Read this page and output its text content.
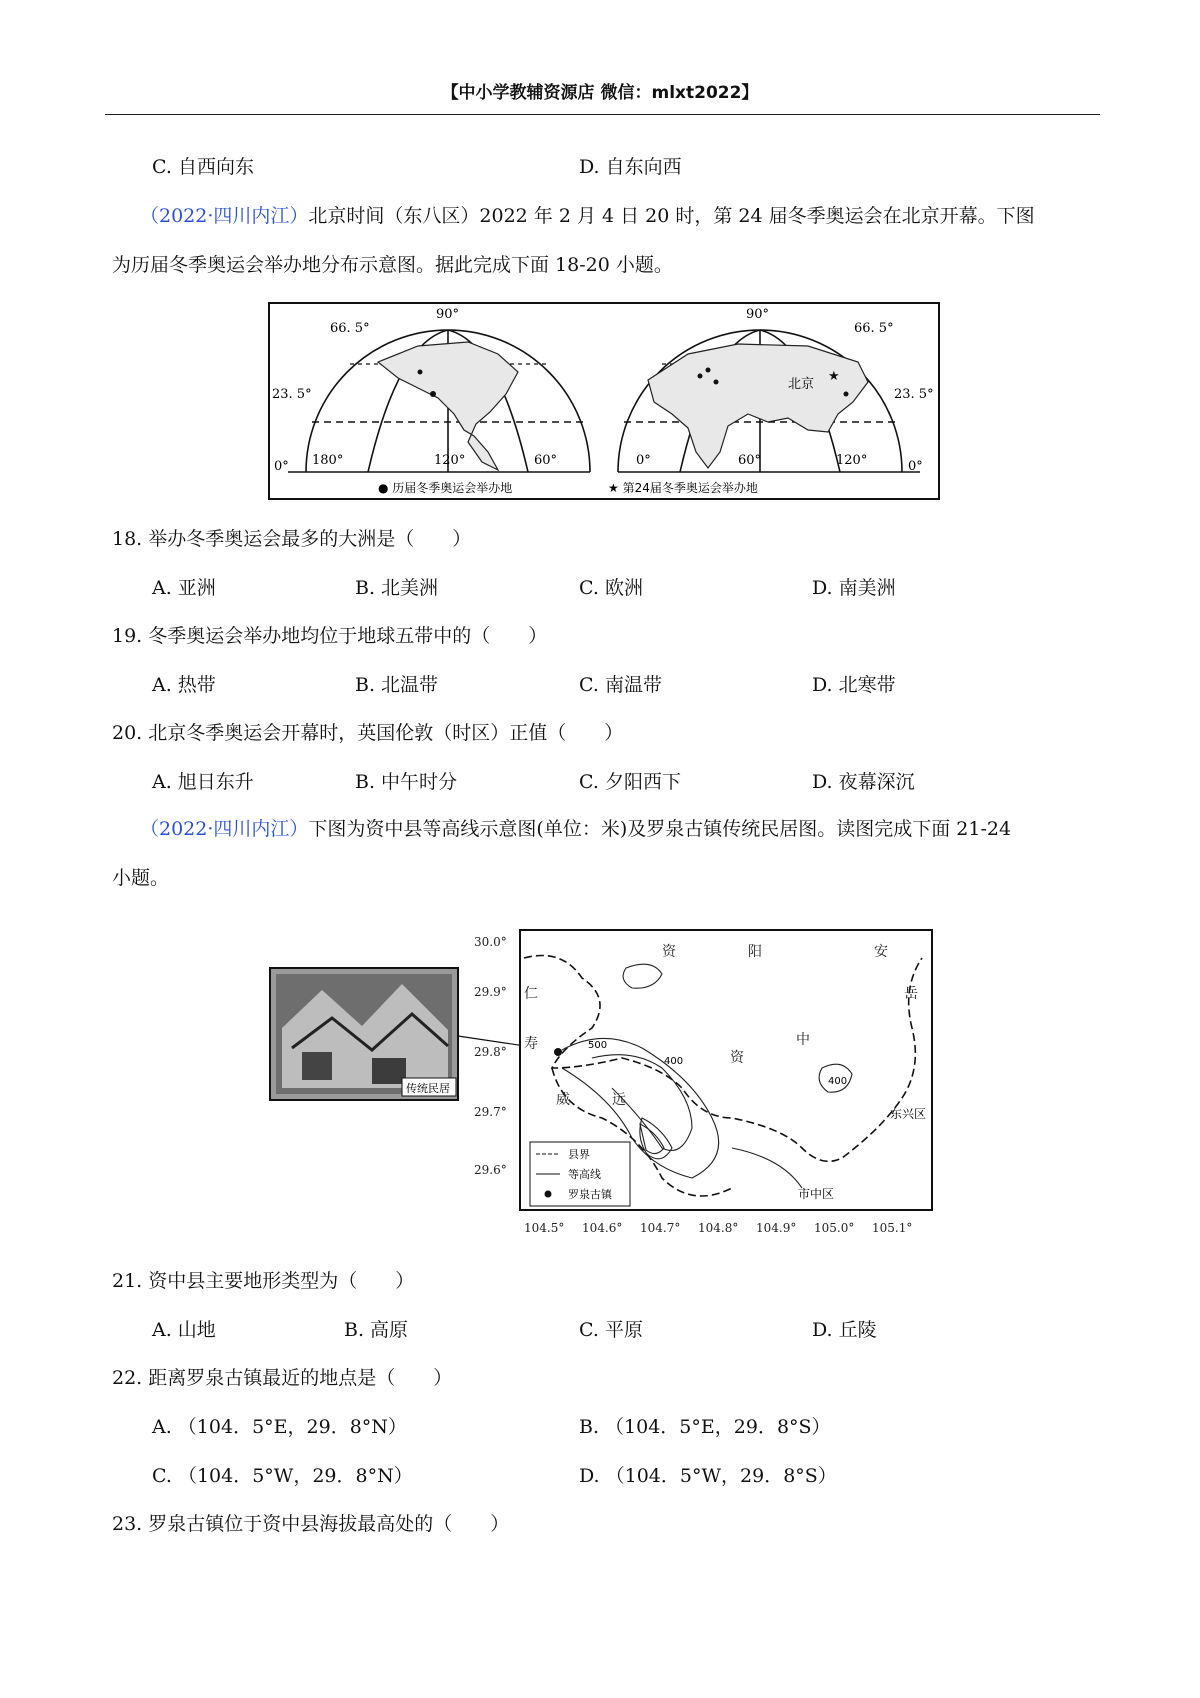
【中小学教辅资源店 微信：mlxt2022】
C. 自西向东	D. 自东向西
（2022·四川内江）北京时间（东八区）2022 年 2 月 4 日 20 时，第 24 届冬季奥运会在北京开幕。下图
为历届冬季奥运会举办地分布示意图。据此完成下面 18-20 小题。
★
66. 5°
90°
23. 5°
0° 180°	120°	60°
90°
66. 5°
23. 5°
0°
0°	60°	120°
北京
● 历届冬季奥运会举办地	★ 第24届冬季奥运会举办地
18. 举办冬季奥运会最多的大洲是（　　）
A. 亚洲	B. 北美洲	C. 欧洲	D. 南美洲
19. 冬季奥运会举办地均位于地球五带中的（　　）
A. 热带	B. 北温带	C. 南温带	D. 北寒带
20. 北京冬季奥运会开幕时，英国伦敦（时区）正值（　　）
A. 旭日东升	B. 中午时分	C. 夕阳西下	D. 夜幕深沉
（2022·四川内江）下图为资中县等高线示意图(单位：米)及罗泉古镇传统民居图。读图完成下面 21-24
小题。
传统民居
县界
等高线
罗泉古镇
资	阳	安
岳
资
中
威	远
仁
寿
东兴区
市中区
500
400
400
30.0°
29.9°
29.8°
29.7°
29.6°
104.5° 104.6° 104.7° 104.8° 104.9° 105.0° 105.1°
21. 资中县主要地形类型为（　　）
A. 山地	B. 高原	C. 平原	D. 丘陵
22. 距离罗泉古镇最近的地点是（　　）
A. （104．5°E，29．8°N）	B. （104．5°E，29．8°S）
C. （104．5°W，29．8°N）	D. （104．5°W，29．8°S）
23. 罗泉古镇位于资中县海拔最高处的（　　）
